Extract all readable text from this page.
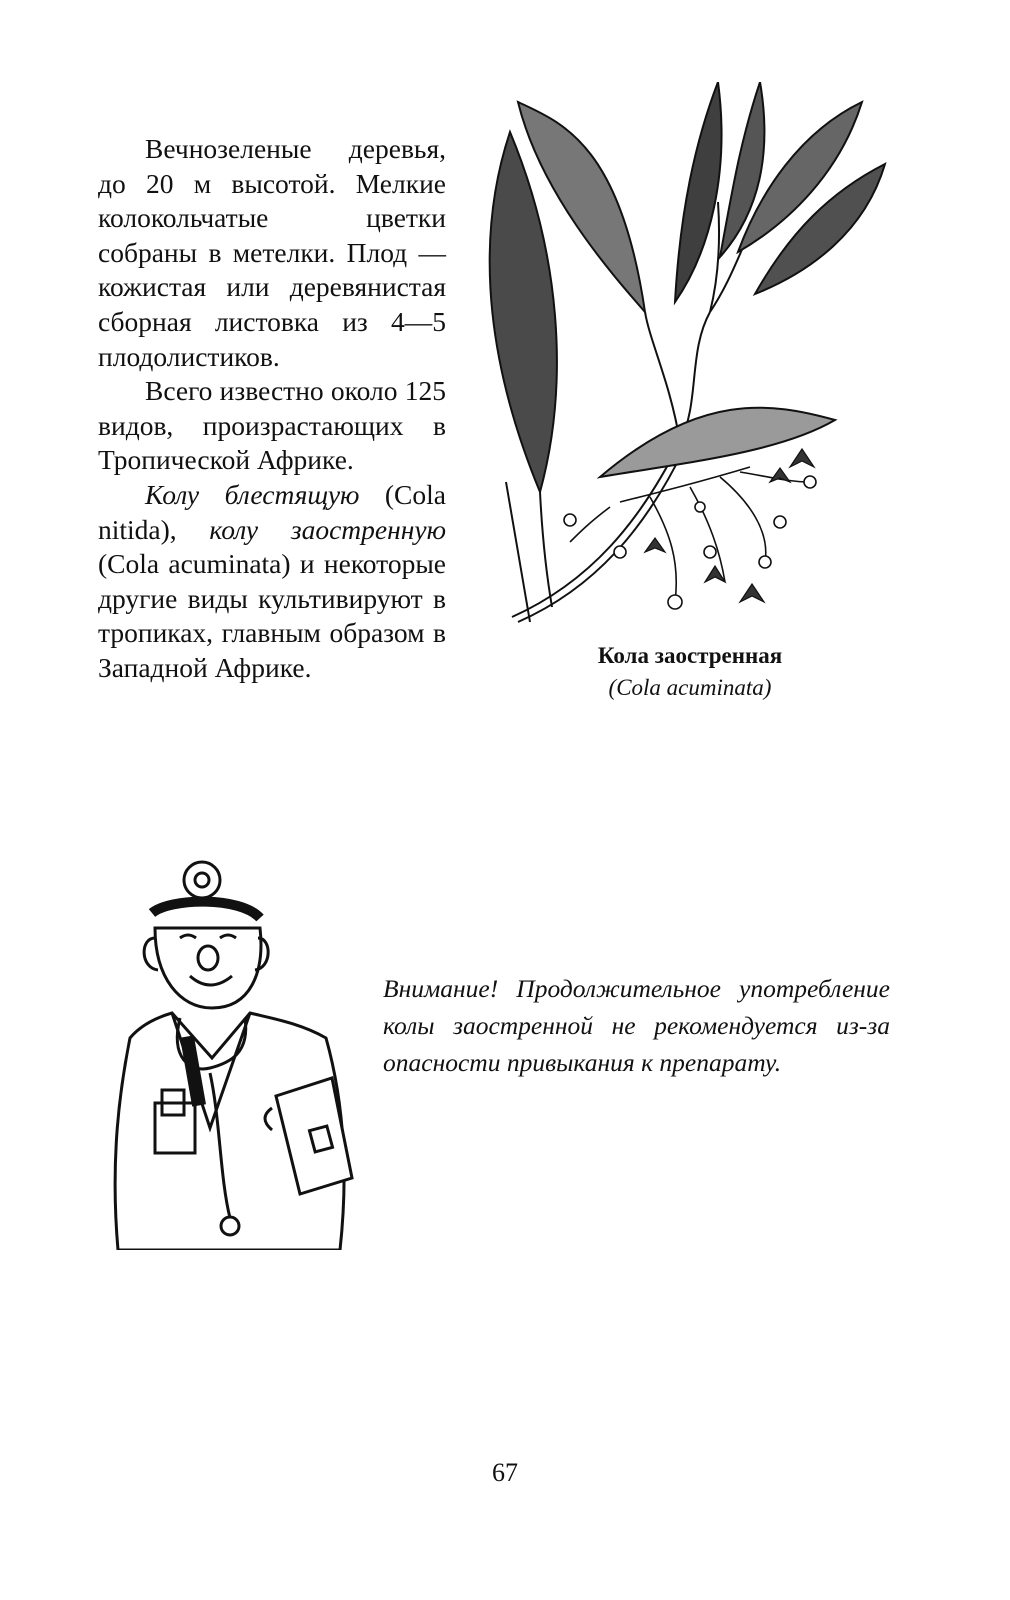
Вечнозеленые деревья, до 20 м высотой. Мелкие колокольчатые цветки собраны в метелки. Плод — кожистая или деревянистая сборная листовка из 4—5 плодолистиков.

Всего известно около 125 видов, произрастающих в Тропической Африке.

Колу блестящую (Cola nitida), колу заостренную (Cola acuminata) и некоторые другие виды культивируют в тропиках, главным образом в Западной Африке.	Кола заостренная
(Cola acuminata)
Внимание! Продолжительное употребление колы заостренной не рекомендуется из-за опасности привыкания к препарату.
67
